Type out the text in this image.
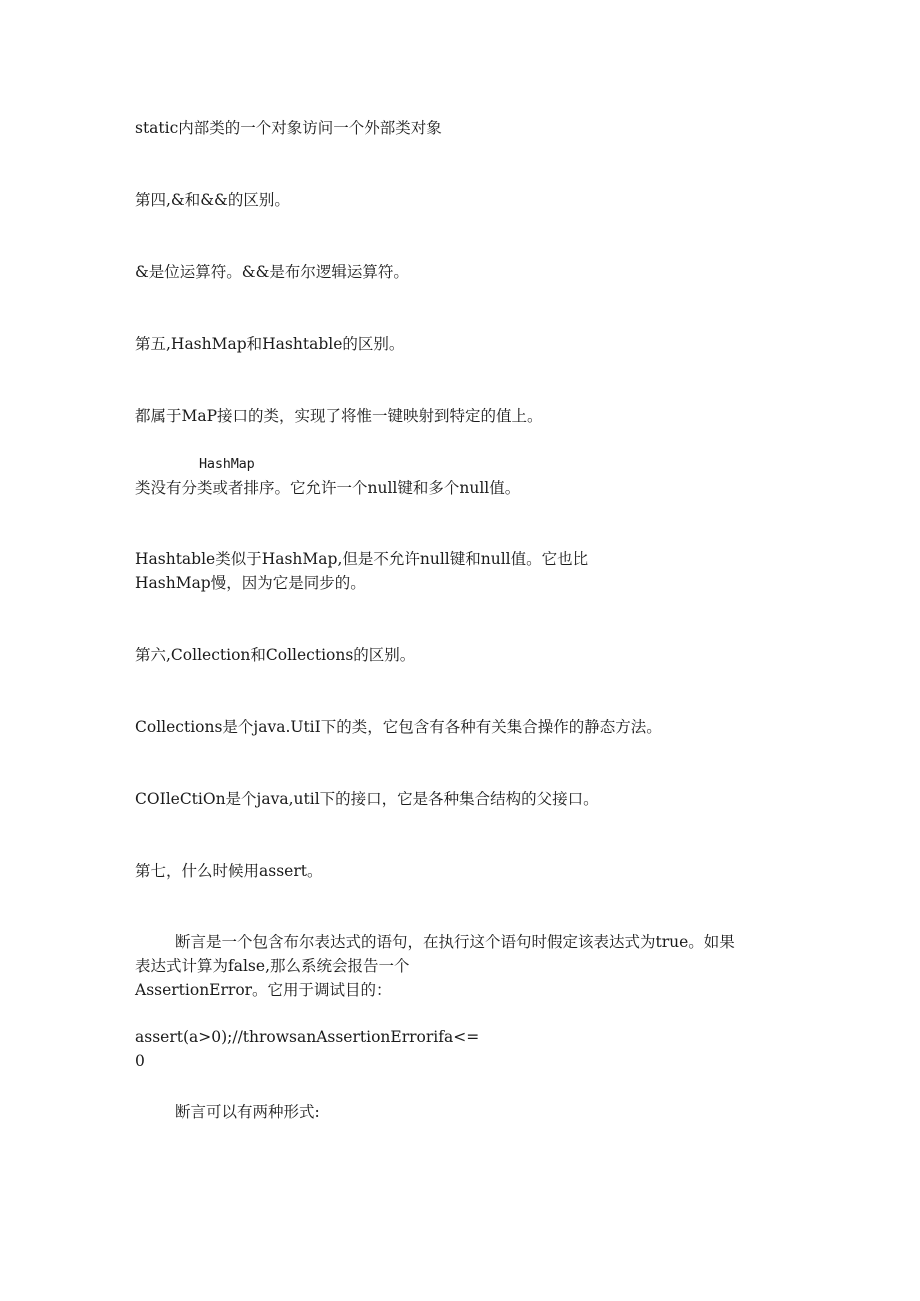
static内部类的一个对象访问一个外部类对象
第四,&和&&的区别。
&是位运算符。&&是布尔逻辑运算符。
第五,HashMap和Hashtable的区别。
都属于MaP接口的类，实现了将惟一键映射到特定的值上。
HashMap
类没有分类或者排序。它允许一个null键和多个null值。
Hashtable类似于HashMap,但是不允许null键和null值。它也比
HashMap慢，因为它是同步的。
第六,Collection和Collections的区别。
Collections是个java.UtiI下的类，它包含有各种有关集合操作的静态方法。
COIleCtiOn是个java,util下的接口，它是各种集合结构的父接口。
第七，什么时候用assert。
断言是一个包含布尔表达式的语句，在执行这个语句时假定该表达式为true。如果
表达式计算为false,那么系统会报告一个
AssertionError。它用于调试目的：
assert(a>0);//throwsanAssertionErrorifa<=
0
断言可以有两种形式:
